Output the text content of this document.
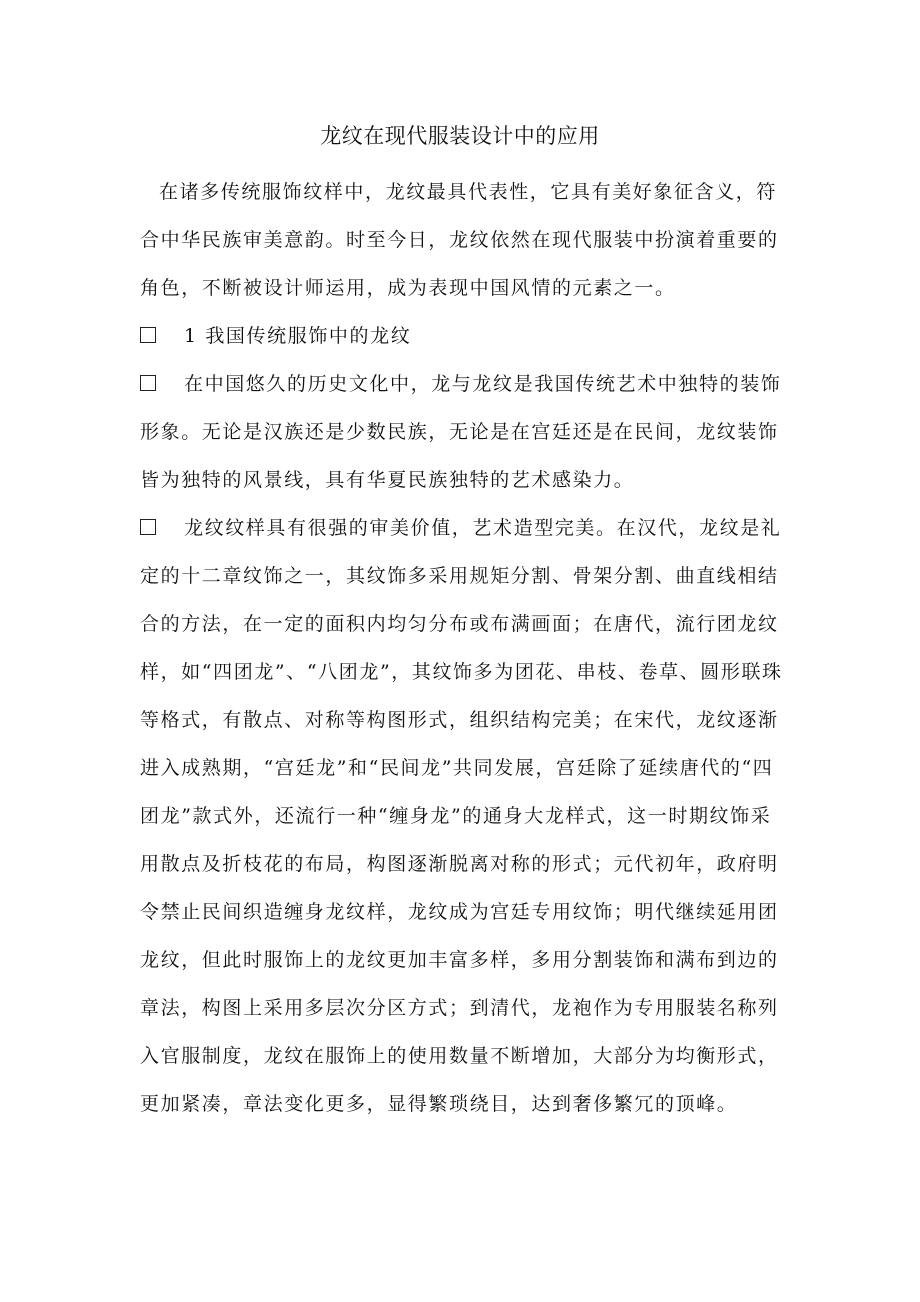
龙纹在现代服装设计中的应用

在诸多传统服饰纹样中，龙纹最具代表性，它具有美好象征含义，符合中华民族审美意韵。时至今日，龙纹依然在现代服装中扮演着重要的角色，不断被设计师运用，成为表现中国风情的元素之一。

1 我国传统服饰中的龙纹

在中国悠久的历史文化中，龙与龙纹是我国传统艺术中独特的装饰形象。无论是汉族还是少数民族，无论是在宫廷还是在民间，龙纹装饰皆为独特的风景线，具有华夏民族独特的艺术感染力。

龙纹纹样具有很强的审美价值，艺术造型完美。在汉代，龙纹是礼定的十二章纹饰之一，其纹饰多采用规矩分割、骨架分割、曲直线相结合的方法，在一定的面积内均匀分布或布满画面；在唐代，流行团龙纹样，如“四团龙”、“八团龙”，其纹饰多为团花、串枝、卷草、圆形联珠等格式，有散点、对称等构图形式，组织结构完美；在宋代，龙纹逐渐进入成熟期，“宫廷龙”和“民间龙”共同发展，宫廷除了延续唐代的“四团龙”款式外，还流行一种“缠身龙”的通身大龙样式，这一时期纹饰采用散点及折枝花的布局，构图逐渐脱离对称的形式；元代初年，政府明令禁止民间织造缠身龙纹样，龙纹成为宫廷专用纹饰；明代继续延用团龙纹，但此时服饰上的龙纹更加丰富多样，多用分割装饰和满布到边的章法，构图上采用多层次分区方式；到清代，龙袍作为专用服装名称列入官服制度，龙纹在服饰上的使用数量不断增加，大部分为均衡形式，更加紧凑，章法变化更多，显得繁琐绕目，达到奢侈繁冗的顶峰。
